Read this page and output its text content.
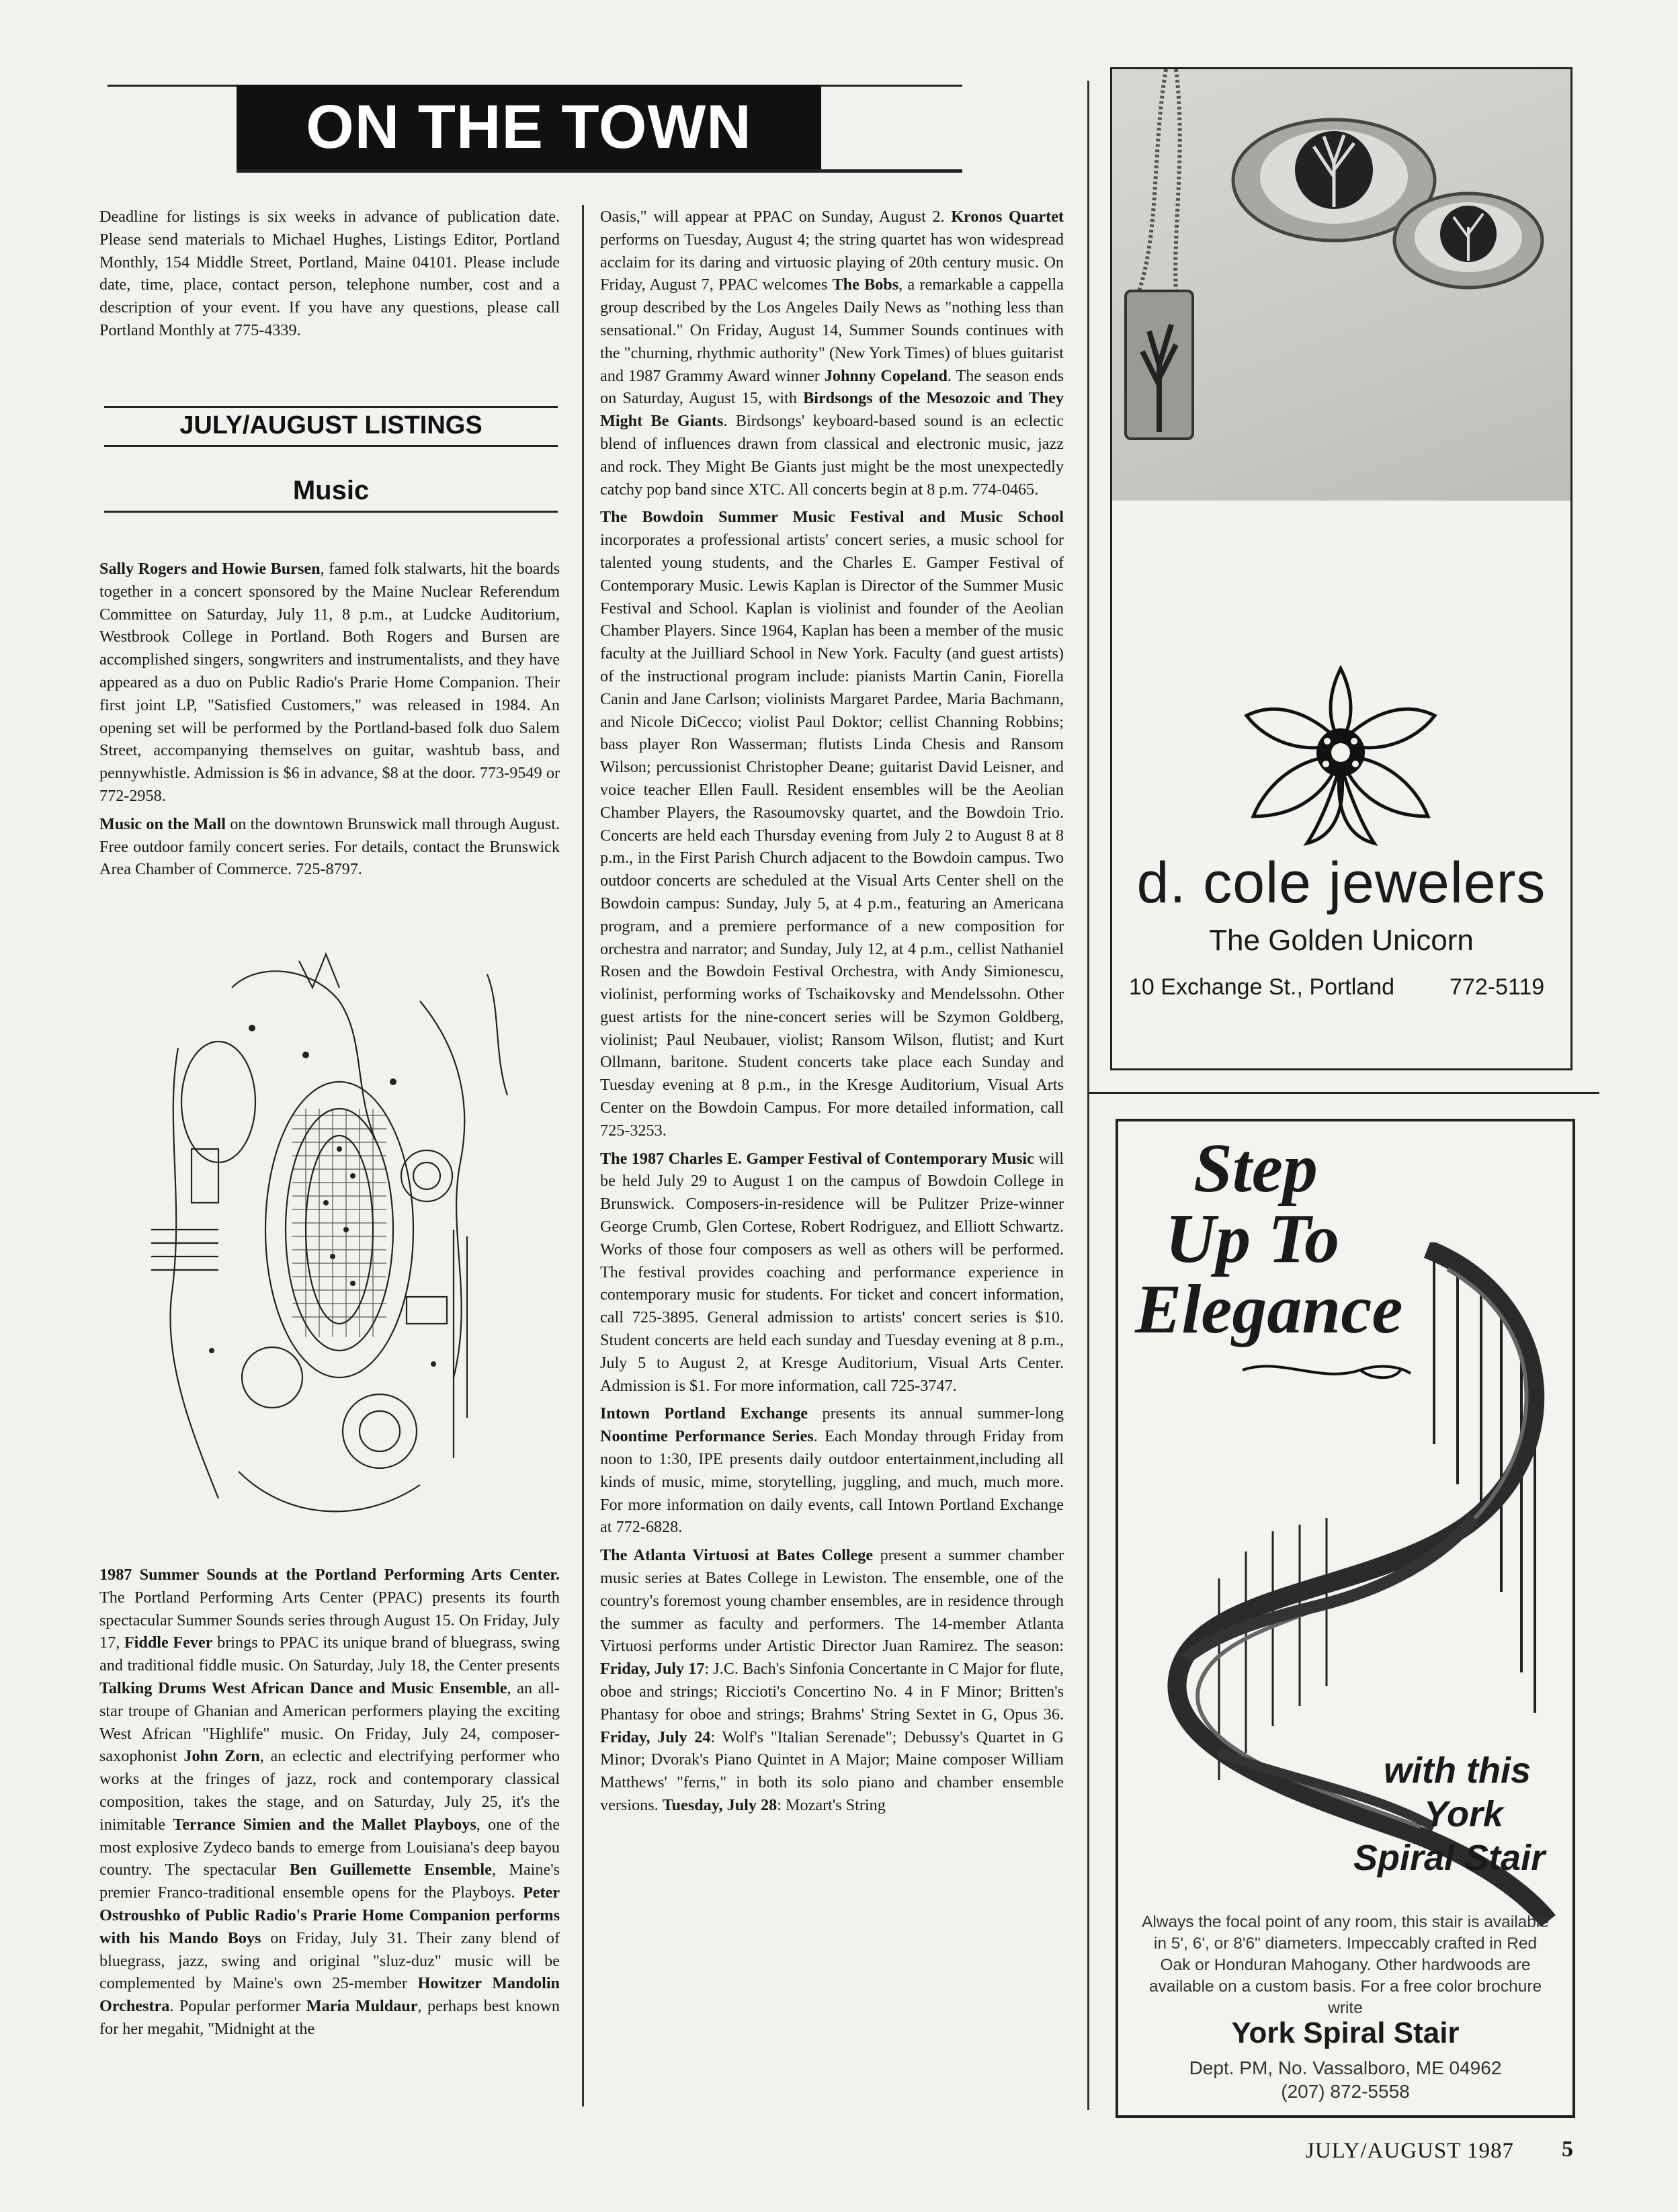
ON THE TOWN

Deadline for listings is six weeks in advance of publication date. Please send materials to Michael Hughes, Listings Editor, Portland Monthly, 154 Middle Street, Portland, Maine 04101. Please include date, time, place, contact person, telephone number, cost and a description of your event. If you have any questions, please call Portland Monthly at 775-4339.

JULY/AUGUST LISTINGS
Music

Sally Rogers and Howie Bursen, famed folk stalwarts, hit the boards together in a concert sponsored by the Maine Nuclear Referendum Committee on Saturday, July 11, 8 p.m., at Ludcke Auditorium, Westbrook College in Portland. Both Rogers and Bursen are accomplished singers, songwriters and instrumentalists, and they have appeared as a duo on Public Radio's Prarie Home Companion. Their first joint LP, "Satisfied Customers," was released in 1984. An opening set will be performed by the Portland-based folk duo Salem Street, accompanying themselves on guitar, washtub bass, and pennywhistle. Admission is $6 in advance, $8 at the door. 773-9549 or 772-2958.

Music on the Mall on the downtown Brunswick mall through August. Free outdoor family concert series. For details, contact the Brunswick Area Chamber of Commerce. 725-8797.

1987 Summer Sounds at the Portland Performing Arts Center. The Portland Performing Arts Center (PPAC) presents its fourth spectacular Summer Sounds series through August 15. On Friday, July 17, Fiddle Fever brings to PPAC its unique brand of bluegrass, swing and traditional fiddle music. On Saturday, July 18, the Center presents Talking Drums West African Dance and Music Ensemble, an all-star troupe of Ghanian and American performers playing the exciting West African "Highlife" music. On Friday, July 24, composer-saxophonist John Zorn, an eclectic and electrifying performer who works at the fringes of jazz, rock and contemporary classical composition, takes the stage, and on Saturday, July 25, it's the inimitable Terrance Simien and the Mallet Playboys, one of the most explosive Zydeco bands to emerge from Louisiana's deep bayou country. The spectacular Ben Guillemette Ensemble, Maine's premier Franco-traditional ensemble opens for the Playboys. Peter Ostroushko of Public Radio's Prarie Home Companion performs with his Mando Boys on Friday, July 31. Their zany blend of bluegrass, jazz, swing and original "sluz-duz" music will be complemented by Maine's own 25-member Howitzer Mandolin Orchestra. Popular performer Maria Muldaur, perhaps best known for her megahit, "Midnight at the

Oasis," will appear at PPAC on Sunday, August 2. Kronos Quartet performs on Tuesday, August 4; the string quartet has won widespread acclaim for its daring and virtuosic playing of 20th century music. On Friday, August 7, PPAC welcomes The Bobs, a remarkable a cappella group described by the Los Angeles Daily News as "nothing less than sensational." On Friday, August 14, Summer Sounds continues with the "churning, rhythmic authority" (New York Times) of blues guitarist and 1987 Grammy Award winner Johnny Copeland. The season ends on Saturday, August 15, with Birdsongs of the Mesozoic and They Might Be Giants. Birdsongs' keyboard-based sound is an eclectic blend of influences drawn from classical and electronic music, jazz and rock. They Might Be Giants just might be the most unexpectedly catchy pop band since XTC. All concerts begin at 8 p.m. 774-0465.

The Bowdoin Summer Music Festival and Music School incorporates a professional artists' concert series, a music school for talented young students, and the Charles E. Gamper Festival of Contemporary Music. Lewis Kaplan is Director of the Summer Music Festival and School. Kaplan is violinist and founder of the Aeolian Chamber Players. Since 1964, Kaplan has been a member of the music faculty at the Juilliard School in New York. Faculty (and guest artists) of the instructional program include: pianists Martin Canin, Fiorella Canin and Jane Carlson; violinists Margaret Pardee, Maria Bachmann, and Nicole DiCecco; violist Paul Doktor; cellist Channing Robbins; bass player Ron Wasserman; flutists Linda Chesis and Ransom Wilson; percussionist Christopher Deane; guitarist David Leisner, and voice teacher Ellen Faull. Resident ensembles will be the Aeolian Chamber Players, the Rasoumovsky quartet, and the Bowdoin Trio. Concerts are held each Thursday evening from July 2 to August 8 at 8 p.m., in the First Parish Church adjacent to the Bowdoin campus. Two outdoor concerts are scheduled at the Visual Arts Center shell on the Bowdoin campus: Sunday, July 5, at 4 p.m., featuring an Americana program, and a premiere performance of a new composition for orchestra and narrator; and Sunday, July 12, at 4 p.m., cellist Nathaniel Rosen and the Bowdoin Festival Orchestra, with Andy Simionescu, violinist, performing works of Tschaikovsky and Mendelssohn. Other guest artists for the nine-concert series will be Szymon Goldberg, violinist; Paul Neubauer, violist; Ransom Wilson, flutist; and Kurt Ollmann, baritone. Student concerts take place each Sunday and Tuesday evening at 8 p.m., in the Kresge Auditorium, Visual Arts Center on the Bowdoin Campus. For more detailed information, call 725-3253.

The 1987 Charles E. Gamper Festival of Contemporary Music will be held July 29 to August 1 on the campus of Bowdoin College in Brunswick. Composers-in-residence will be Pulitzer Prize-winner George Crumb, Glen Cortese, Robert Rodriguez, and Elliott Schwartz. Works of those four composers as well as others will be performed. The festival provides coaching and performance experience in contemporary music for students. For ticket and concert information, call 725-3895. General admission to artists' concert series is $10. Student concerts are held each sunday and Tuesday evening at 8 p.m., July 5 to August 2, at Kresge Auditorium, Visual Arts Center. Admission is $1. For more information, call 725-3747.

Intown Portland Exchange presents its annual summer-long Noontime Performance Series. Each Monday through Friday from noon to 1:30, IPE presents daily outdoor entertainment,including all kinds of music, mime, storytelling, juggling, and much, much more. For more information on daily events, call Intown Portland Exchange at 772-6828.

The Atlanta Virtuosi at Bates College present a summer chamber music series at Bates College in Lewiston. The ensemble, one of the country's foremost young chamber ensembles, are in residence through the summer as faculty and performers. The 14-member Atlanta Virtuosi performs under Artistic Director Juan Ramirez. The season: Friday, July 17: J.C. Bach's Sinfonia Concertante in C Major for flute, oboe and strings; Riccioti's Concertino No. 4 in F Minor; Britten's Phantasy for oboe and strings; Brahms' String Sextet in G, Opus 36. Friday, July 24: Wolf's "Italian Serenade"; Debussy's Quartet in G Minor; Dvorak's Piano Quintet in A Major; Maine composer William Matthews' "ferns," in both its solo piano and chamber ensemble versions. Tuesday, July 28: Mozart's String

d. cole jewelers
The Golden Unicorn
10 Exchange St., Portland 772-5119
Step
Up To
Elegance
with this
York
Spiral Stair
Always the focal point of any room, this stair is available in 5', 6', or 8'6" diameters. Impeccably crafted in Red Oak or Honduran Mahogany. Other hardwoods are available on a custom basis. For a free color brochure write
York Spiral Stair
Dept. PM, No. Vassalboro, ME 04962
(207) 872-5558
JULY/AUGUST 1987 5
